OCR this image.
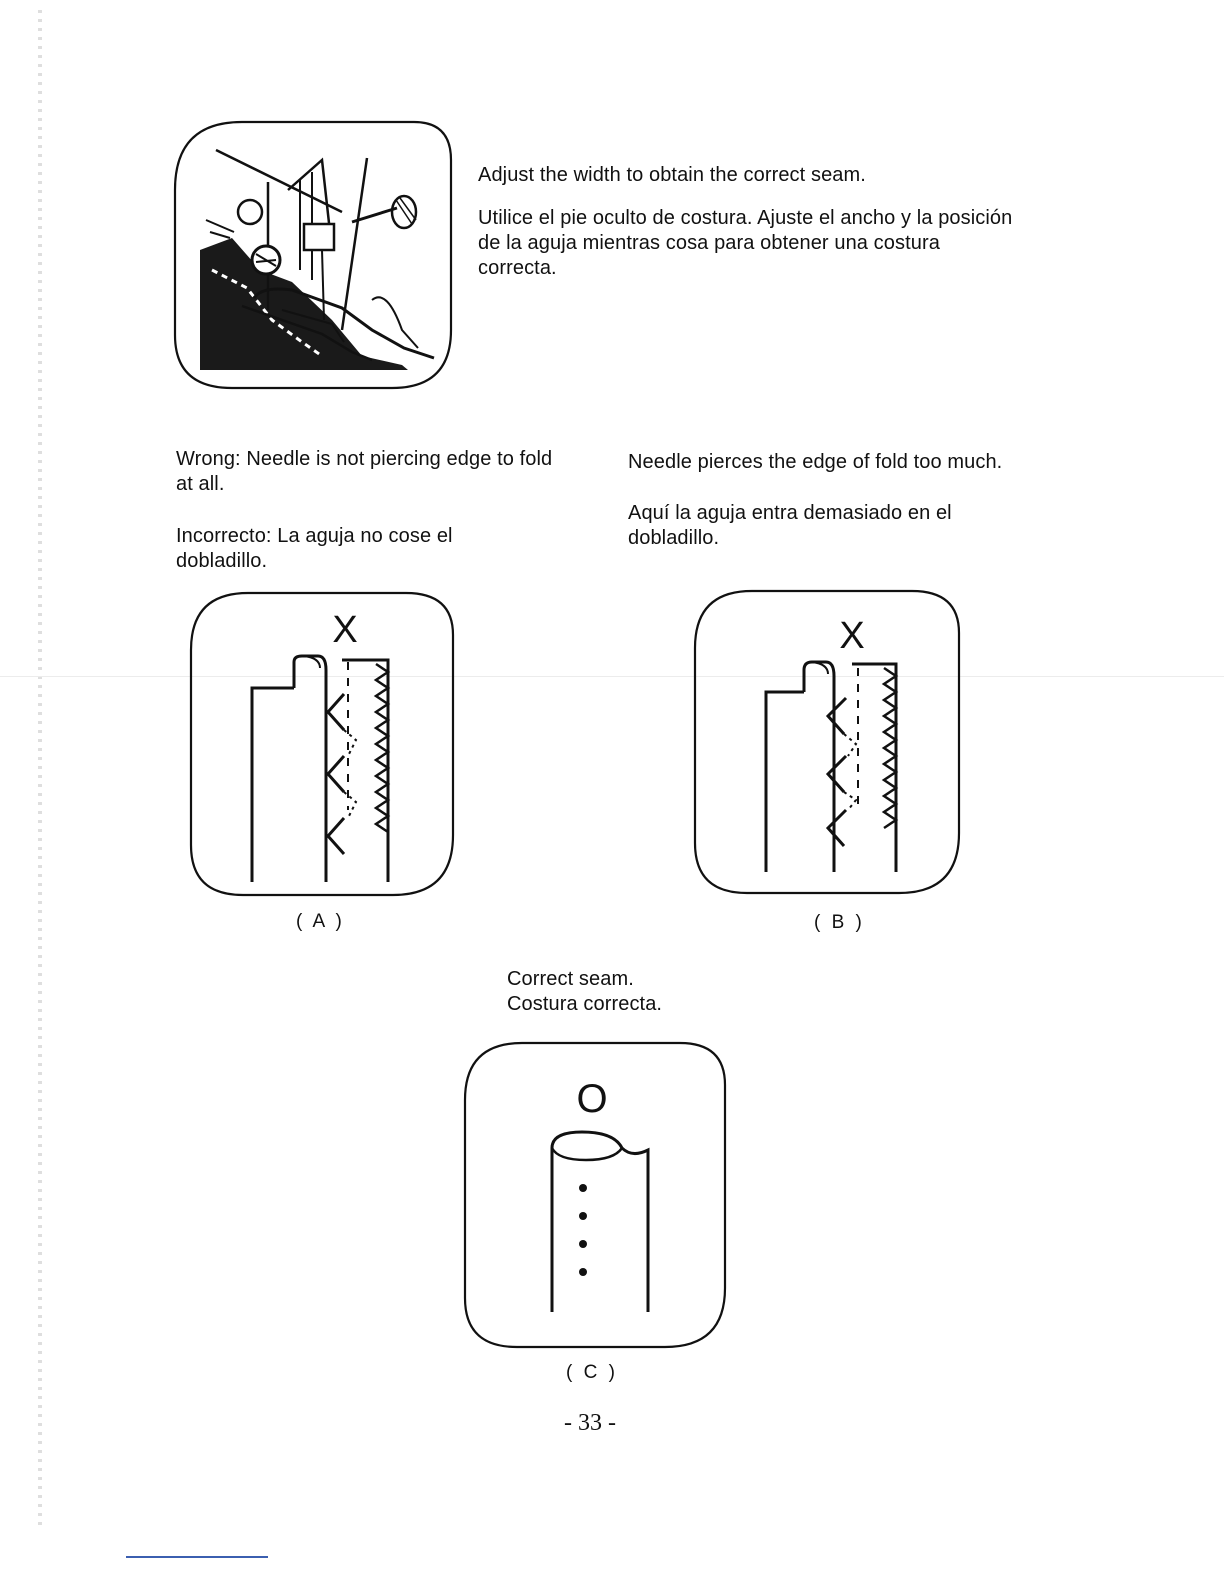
Adjust the width to obtain the correct seam.

Utilice el pie oculto de costura. Ajuste el ancho y la posición de la aguja mientras cosa para obtener una costura correcta.

Wrong: Needle is not piercing edge to fold at all.

Incorrecto: La aguja no cose el dobladillo.

Needle pierces the edge of fold too much.

Aquí la aguja entra demasiado en el dobladillo.

X
( A )
X
( B )

Correct seam.

Costura correcta.

O
( C )
- 33 -
